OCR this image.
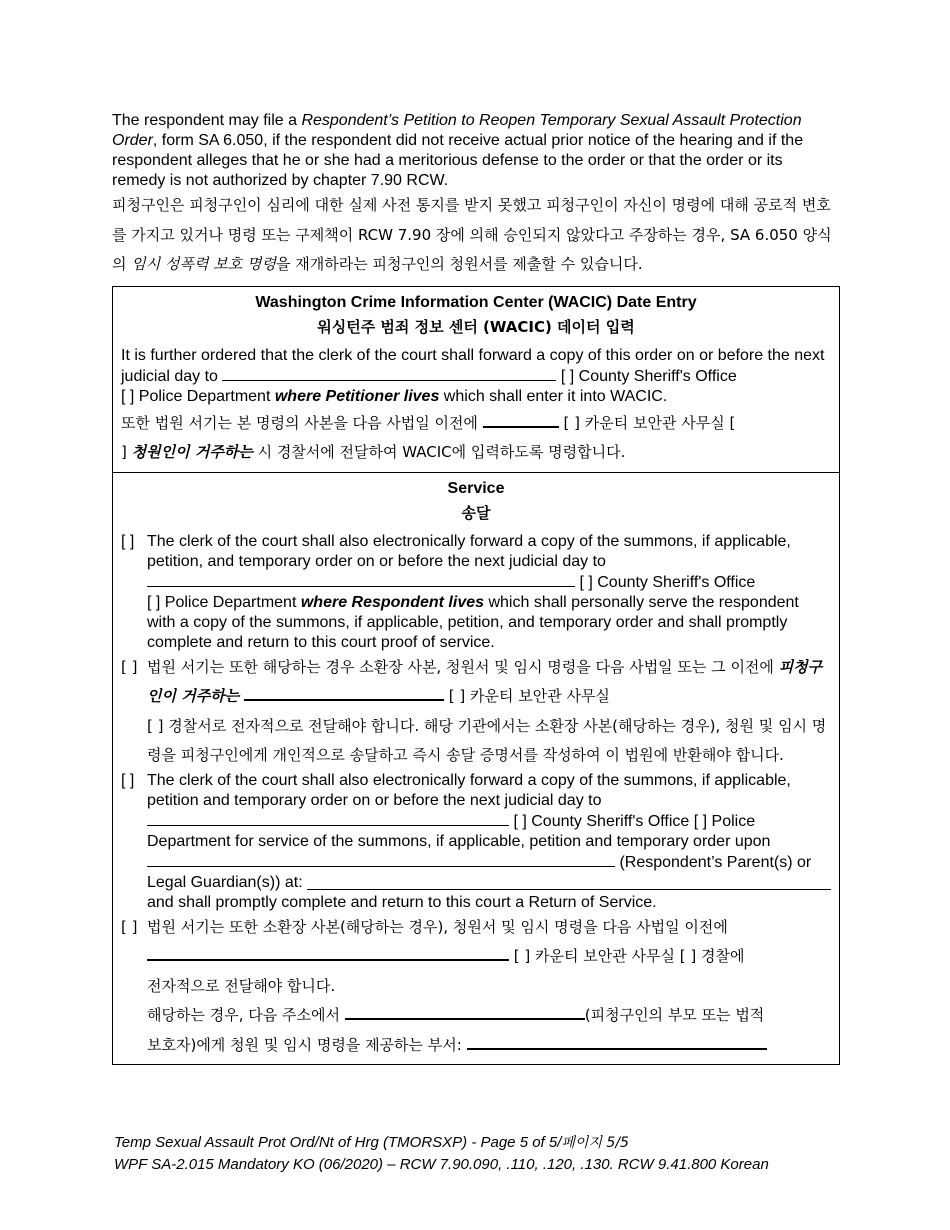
The respondent may file a Respondent’s Petition to Reopen Temporary Sexual Assault Protection Order, form SA 6.050, if the respondent did not receive actual prior notice of the hearing and if the respondent alleges that he or she had a meritorious defense to the order or that the order or its remedy is not authorized by chapter 7.90 RCW.

피청구인은 피청구인이 심리에 대한 실제 사전 통지를 받지 못했고 피청구인이 자신이 명령에 대해 공로적 변호를 가지고 있거나 명령 또는 구제책이 RCW 7.90 장에 의해 승인되지 않았다고 주장하는 경우, SA 6.050 양식의 임시 성폭력 보호 명령을 재개하라는 피청구인의 청원서를 제출할 수 있습니다.

Washington Crime Information Center (WACIC) Date Entry
워싱턴주 범죄 정보 센터 (WACIC) 데이터 입력

It is further ordered that the clerk of the court shall forward a copy of this order on or before the next judicial day to	[ ] County Sheriff's Office
[ ] Police Department where Petitioner lives which shall enter it into WACIC.

또한 법원 서기는 본 명령의 사본을 다음 사법일 이전에	[ ] 카운티 보안관 사무실 [
] 청원인이 거주하는 시 경찰서에 전달하여 WACIC에 입력하도록 명령합니다.

Service
송달
[ ] The clerk of the court shall also electronically forward a copy of the summons, if applicable, petition, and temporary order on or before the next judicial day to
[ ] County Sheriff's Office

[ ] Police Department where Respondent lives which shall personally serve the respondent with a copy of the summons, if applicable, petition, and temporary order and shall promptly complete and return to this court proof of service.

[ ] 법원 서기는 또한 해당하는 경우 소환장 사본, 청원서 및 임시 명령을 다음 사법일 또는 그 이전에 피청구인이 거주하는	[ ] 카운티 보안관 사무실

[ ] 경찰서로 전자적으로 전달해야 합니다. 해당 기관에서는 소환장 사본(해당하는 경우), 청원 및 임시 명령을 피청구인에게 개인적으로 송달하고 즉시 송달 증명서를 작성하여 이 법원에 반환해야 합니다.

[ ] The clerk of the court shall also electronically forward a copy of the summons, if applicable, petition and temporary order on or before the next judicial day to
[ ] County Sheriff's Office [ ] Police
Department for service of the summons, if applicable, petition and temporary order upon
(Respondent’s Parent(s) or

Legal Guardian(s)) at:

and shall promptly complete and return to this court a Return of Service.

[ ] 법원 서기는 또한 소환장 사본(해당하는 경우), 청원서 및 임시 명령을 다음 사법일 이전에

[ ] 카운티 보안관 사무실 [ ] 경찰에

전자적으로 전달해야 합니다.

해당하는 경우, 다음 주소에서	(피청구인의 부모 또는 법적

보호자)에게 청원 및 임시 명령을 제공하는 부서:

Temp Sexual Assault Prot Ord/Nt of Hrg (TMORSXP) - Page 5 of 5/페이지 5/5
WPF SA-2.015 Mandatory KO (06/2020) – RCW 7.90.090, .110, .120, .130. RCW 9.41.800 Korean
